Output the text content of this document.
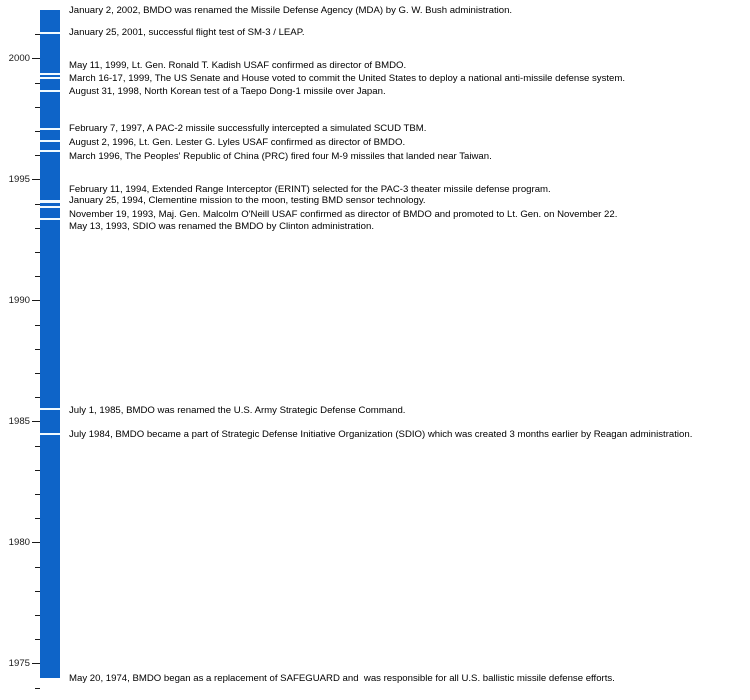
1975
1980
1985
1990
1995
2000
January 2, 2002, BMDO was renamed the Missile Defense Agency (MDA) by G. W. Bush administration.
January 25, 2001, successful flight test of SM-3 / LEAP.
May 11, 1999, Lt. Gen. Ronald T. Kadish USAF confirmed as director of BMDO.
March 16-17, 1999, The US Senate and House voted to commit the United States to deploy a national anti-missile defense system.
August 31, 1998, North Korean test of a Taepo Dong-1 missile over Japan.
February 7, 1997, A PAC-2 missile successfully intercepted a simulated SCUD TBM.
August 2, 1996, Lt. Gen. Lester G. Lyles USAF confirmed as director of BMDO.
March 1996, The Peoples' Republic of China (PRC) fired four M-9 missiles that landed near Taiwan.
February 11, 1994, Extended Range Interceptor (ERINT) selected for the PAC-3 theater missile defense program.
January 25, 1994, Clementine mission to the moon, testing BMD sensor technology.
November 19, 1993, Maj. Gen. Malcolm O'Neill USAF confirmed as director of BMDO and promoted to Lt. Gen. on November 22.
May 13, 1993, SDIO was renamed the BMDO by Clinton administration.
July 1, 1985, BMDO was renamed the U.S. Army Strategic Defense Command.
July 1984, BMDO became a part of Strategic Defense Initiative Organization (SDIO) which was created 3 months earlier by Reagan administration.
May 20, 1974, BMDO began as a replacement of SAFEGUARD and  was responsible for all U.S. ballistic missile defense efforts.
